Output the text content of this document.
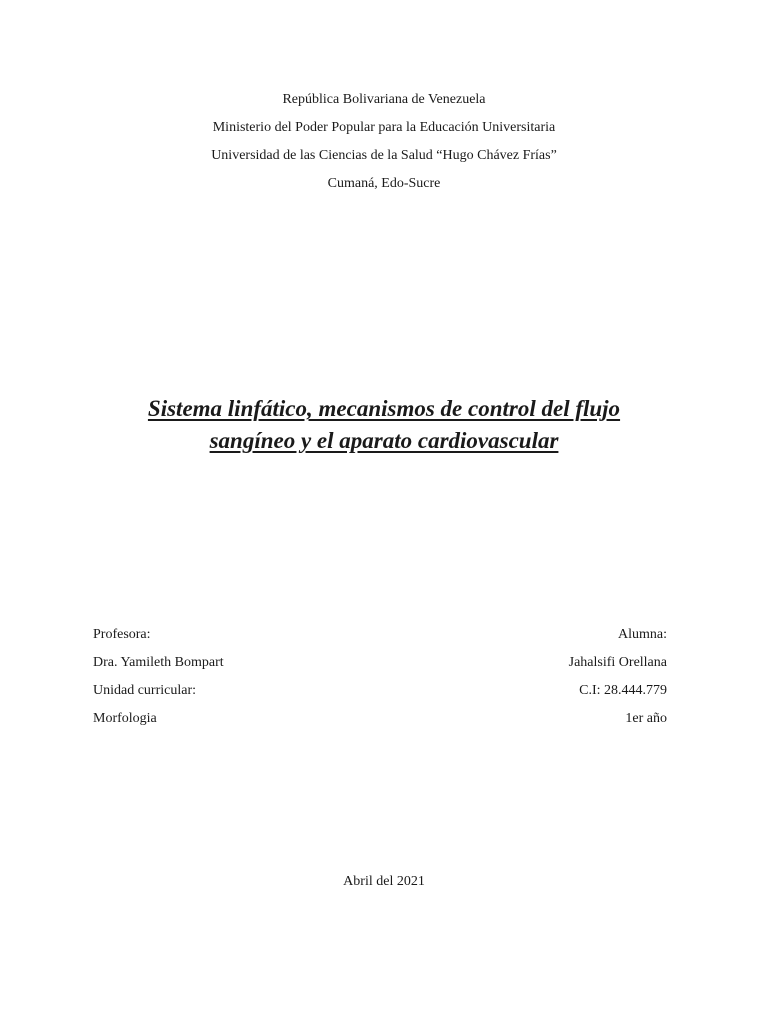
República Bolivariana de Venezuela
Ministerio del Poder Popular para la Educación Universitaria
Universidad de las Ciencias de la Salud “Hugo Chávez Frías”
Cumaná, Edo-Sucre
Sistema linfático, mecanismos de control del flujo
sangíneo y el aparato cardiovascular
Profesora:
Dra. Yamileth Bompart
Unidad curricular:
Morfologia
Alumna:
Jahalsifi Orellana
C.I: 28.444.779
1er año
Abril del 2021
